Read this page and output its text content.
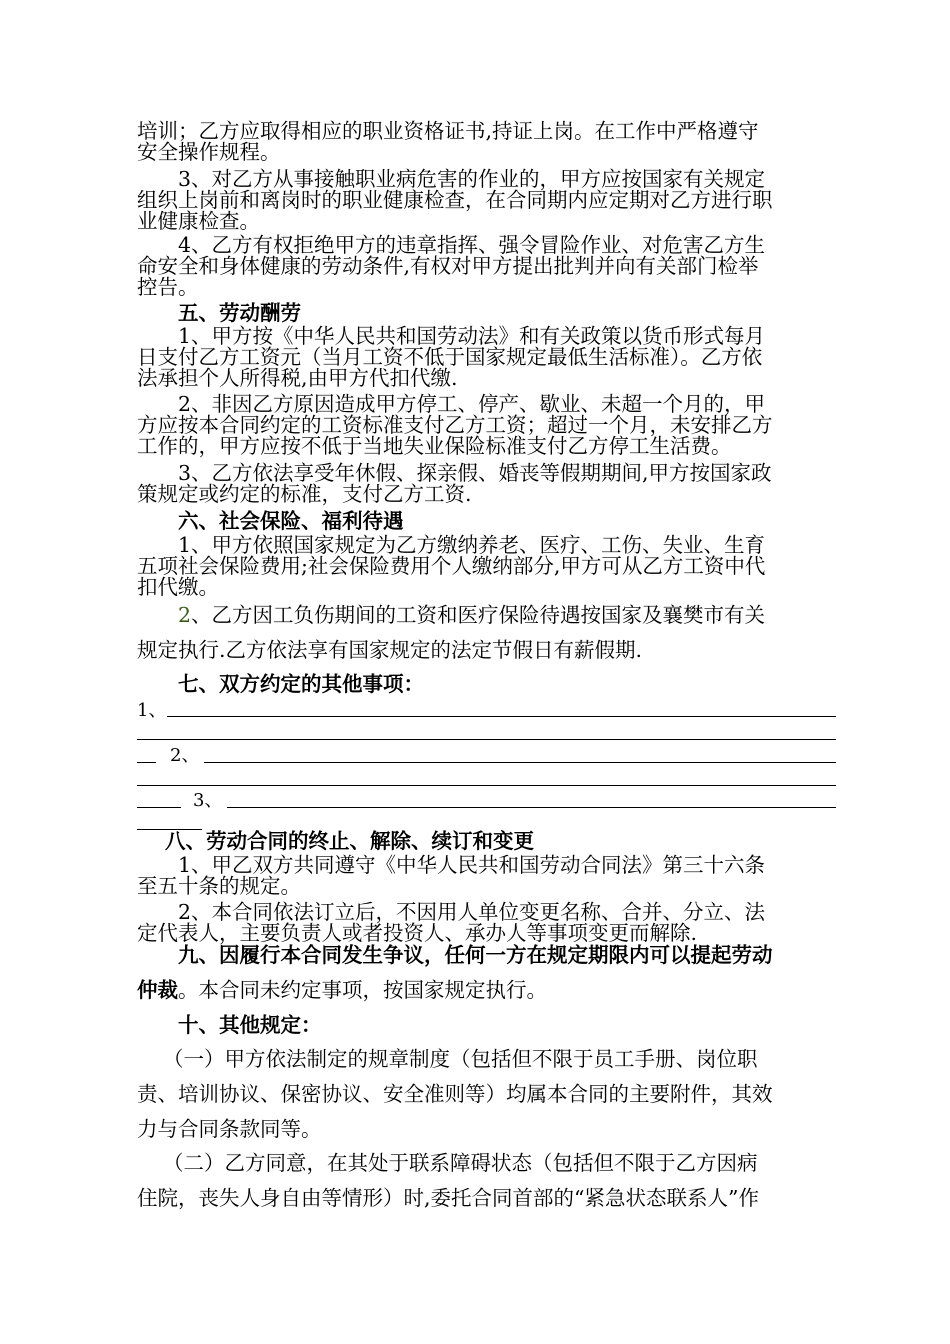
培训；乙方应取得相应的职业资格证书,持证上岗。在工作中严格遵守
安全操作规程。

3、对乙方从事接触职业病危害的作业的，甲方应按国家有关规定
组织上岗前和离岗时的职业健康检查，在合同期内应定期对乙方进行职
业健康检查。

4、乙方有权拒绝甲方的违章指挥、强令冒险作业、对危害乙方生
命安全和身体健康的劳动条件,有权对甲方提出批判并向有关部门检举
控告。

五、劳动酬劳

1、甲方按《中华人民共和国劳动法》和有关政策以货币形式每月
日支付乙方工资元（当月工资不低于国家规定最低生活标准）。乙方依
法承担个人所得税,由甲方代扣代缴.

2、非因乙方原因造成甲方停工、停产、歇业、未超一个月的，甲
方应按本合同约定的工资标准支付乙方工资；超过一个月，未安排乙方
工作的，甲方应按不低于当地失业保险标准支付乙方停工生活费。

3、乙方依法享受年休假、探亲假、婚丧等假期期间,甲方按国家政
策规定或约定的标准，支付乙方工资.

六、社会保险、福利待遇

1、甲方依照国家规定为乙方缴纳养老、医疗、工伤、失业、生育
五项社会保险费用;社会保险费用个人缴纳部分,甲方可从乙方工资中代
扣代缴。

2、乙方因工负伤期间的工资和医疗保险待遇按国家及襄樊市有关
规定执行.乙方依法享有国家规定的法定节假日有薪假期.

七、双方约定的其他事项：

1、
2、
3、

八、劳动合同的终止、解除、续订和变更

1、甲乙双方共同遵守《中华人民共和国劳动合同法》第三十六条
至五十条的规定。

2、本合同依法订立后，不因用人单位变更名称、合并、分立、法
定代表人，主要负责人或者投资人、承办人等事项变更而解除.

九、因履行本合同发生争议，任何一方在规定期限内可以提起劳动
仲裁。本合同未约定事项，按国家规定执行。

十、其他规定：

（一）甲方依法制定的规章制度（包括但不限于员工手册、岗位职
责、培训协议、保密协议、安全准则等）均属本合同的主要附件，其效
力与合同条款同等。

（二）乙方同意，在其处于联系障碍状态（包括但不限于乙方因病
住院，丧失人身自由等情形）时,委托合同首部的“紧急状态联系人”作
